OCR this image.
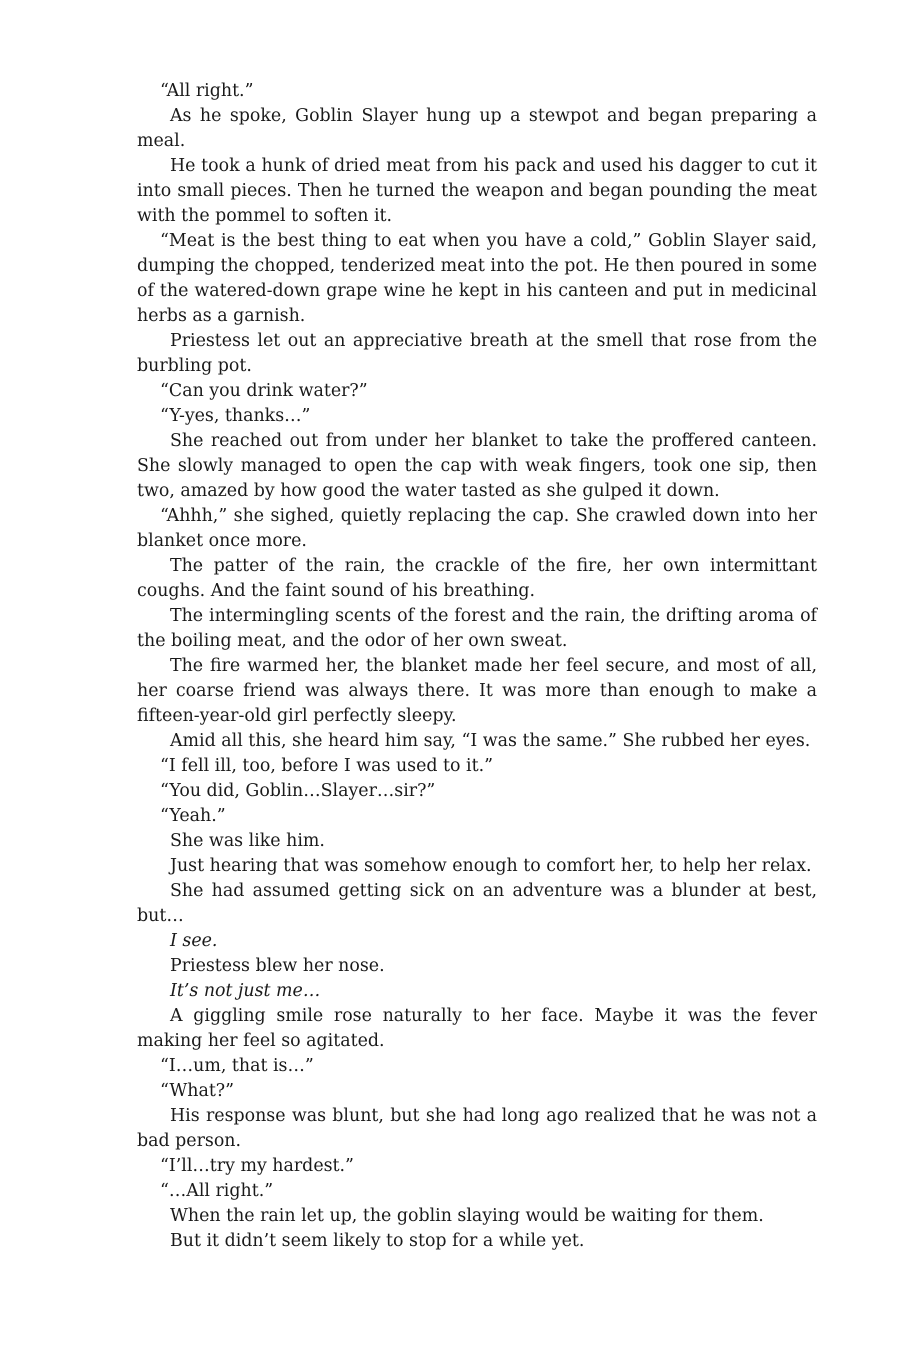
“All right.”

As he spoke, Goblin Slayer hung up a stewpot and began preparing a meal.

He took a hunk of dried meat from his pack and used his dagger to cut it into small pieces. Then he turned the weapon and began pounding the meat with the pommel to soften it.

“Meat is the best thing to eat when you have a cold,” Goblin Slayer said, dumping the chopped, tenderized meat into the pot. He then poured in some of the watered-down grape wine he kept in his canteen and put in medicinal herbs as a garnish.

Priestess let out an appreciative breath at the smell that rose from the burbling pot.

“Can you drink water?”

“Y-yes, thanks…”

She reached out from under her blanket to take the proffered canteen. She slowly managed to open the cap with weak fingers, took one sip, then two, amazed by how good the water tasted as she gulped it down.

“Ahhh,” she sighed, quietly replacing the cap. She crawled down into her blanket once more.

The patter of the rain, the crackle of the fire, her own intermittant coughs. And the faint sound of his breathing.

The intermingling scents of the forest and the rain, the drifting aroma of the boiling meat, and the odor of her own sweat.

The fire warmed her, the blanket made her feel secure, and most of all, her coarse friend was always there. It was more than enough to make a fifteen-year-old girl perfectly sleepy.

Amid all this, she heard him say, “I was the same.” She rubbed her eyes.

“I fell ill, too, before I was used to it.”

“You did, Goblin…Slayer…sir?”

“Yeah.”

She was like him.

Just hearing that was somehow enough to comfort her, to help her relax.

She had assumed getting sick on an adventure was a blunder at best, but…

I see.

Priestess blew her nose.

It’s not just me…

A giggling smile rose naturally to her face. Maybe it was the fever making her feel so agitated.

“I…um, that is…”

“What?”

His response was blunt, but she had long ago realized that he was not a bad person.

“I’ll…try my hardest.”

“…All right.”

When the rain let up, the goblin slaying would be waiting for them.

But it didn’t seem likely to stop for a while yet.
